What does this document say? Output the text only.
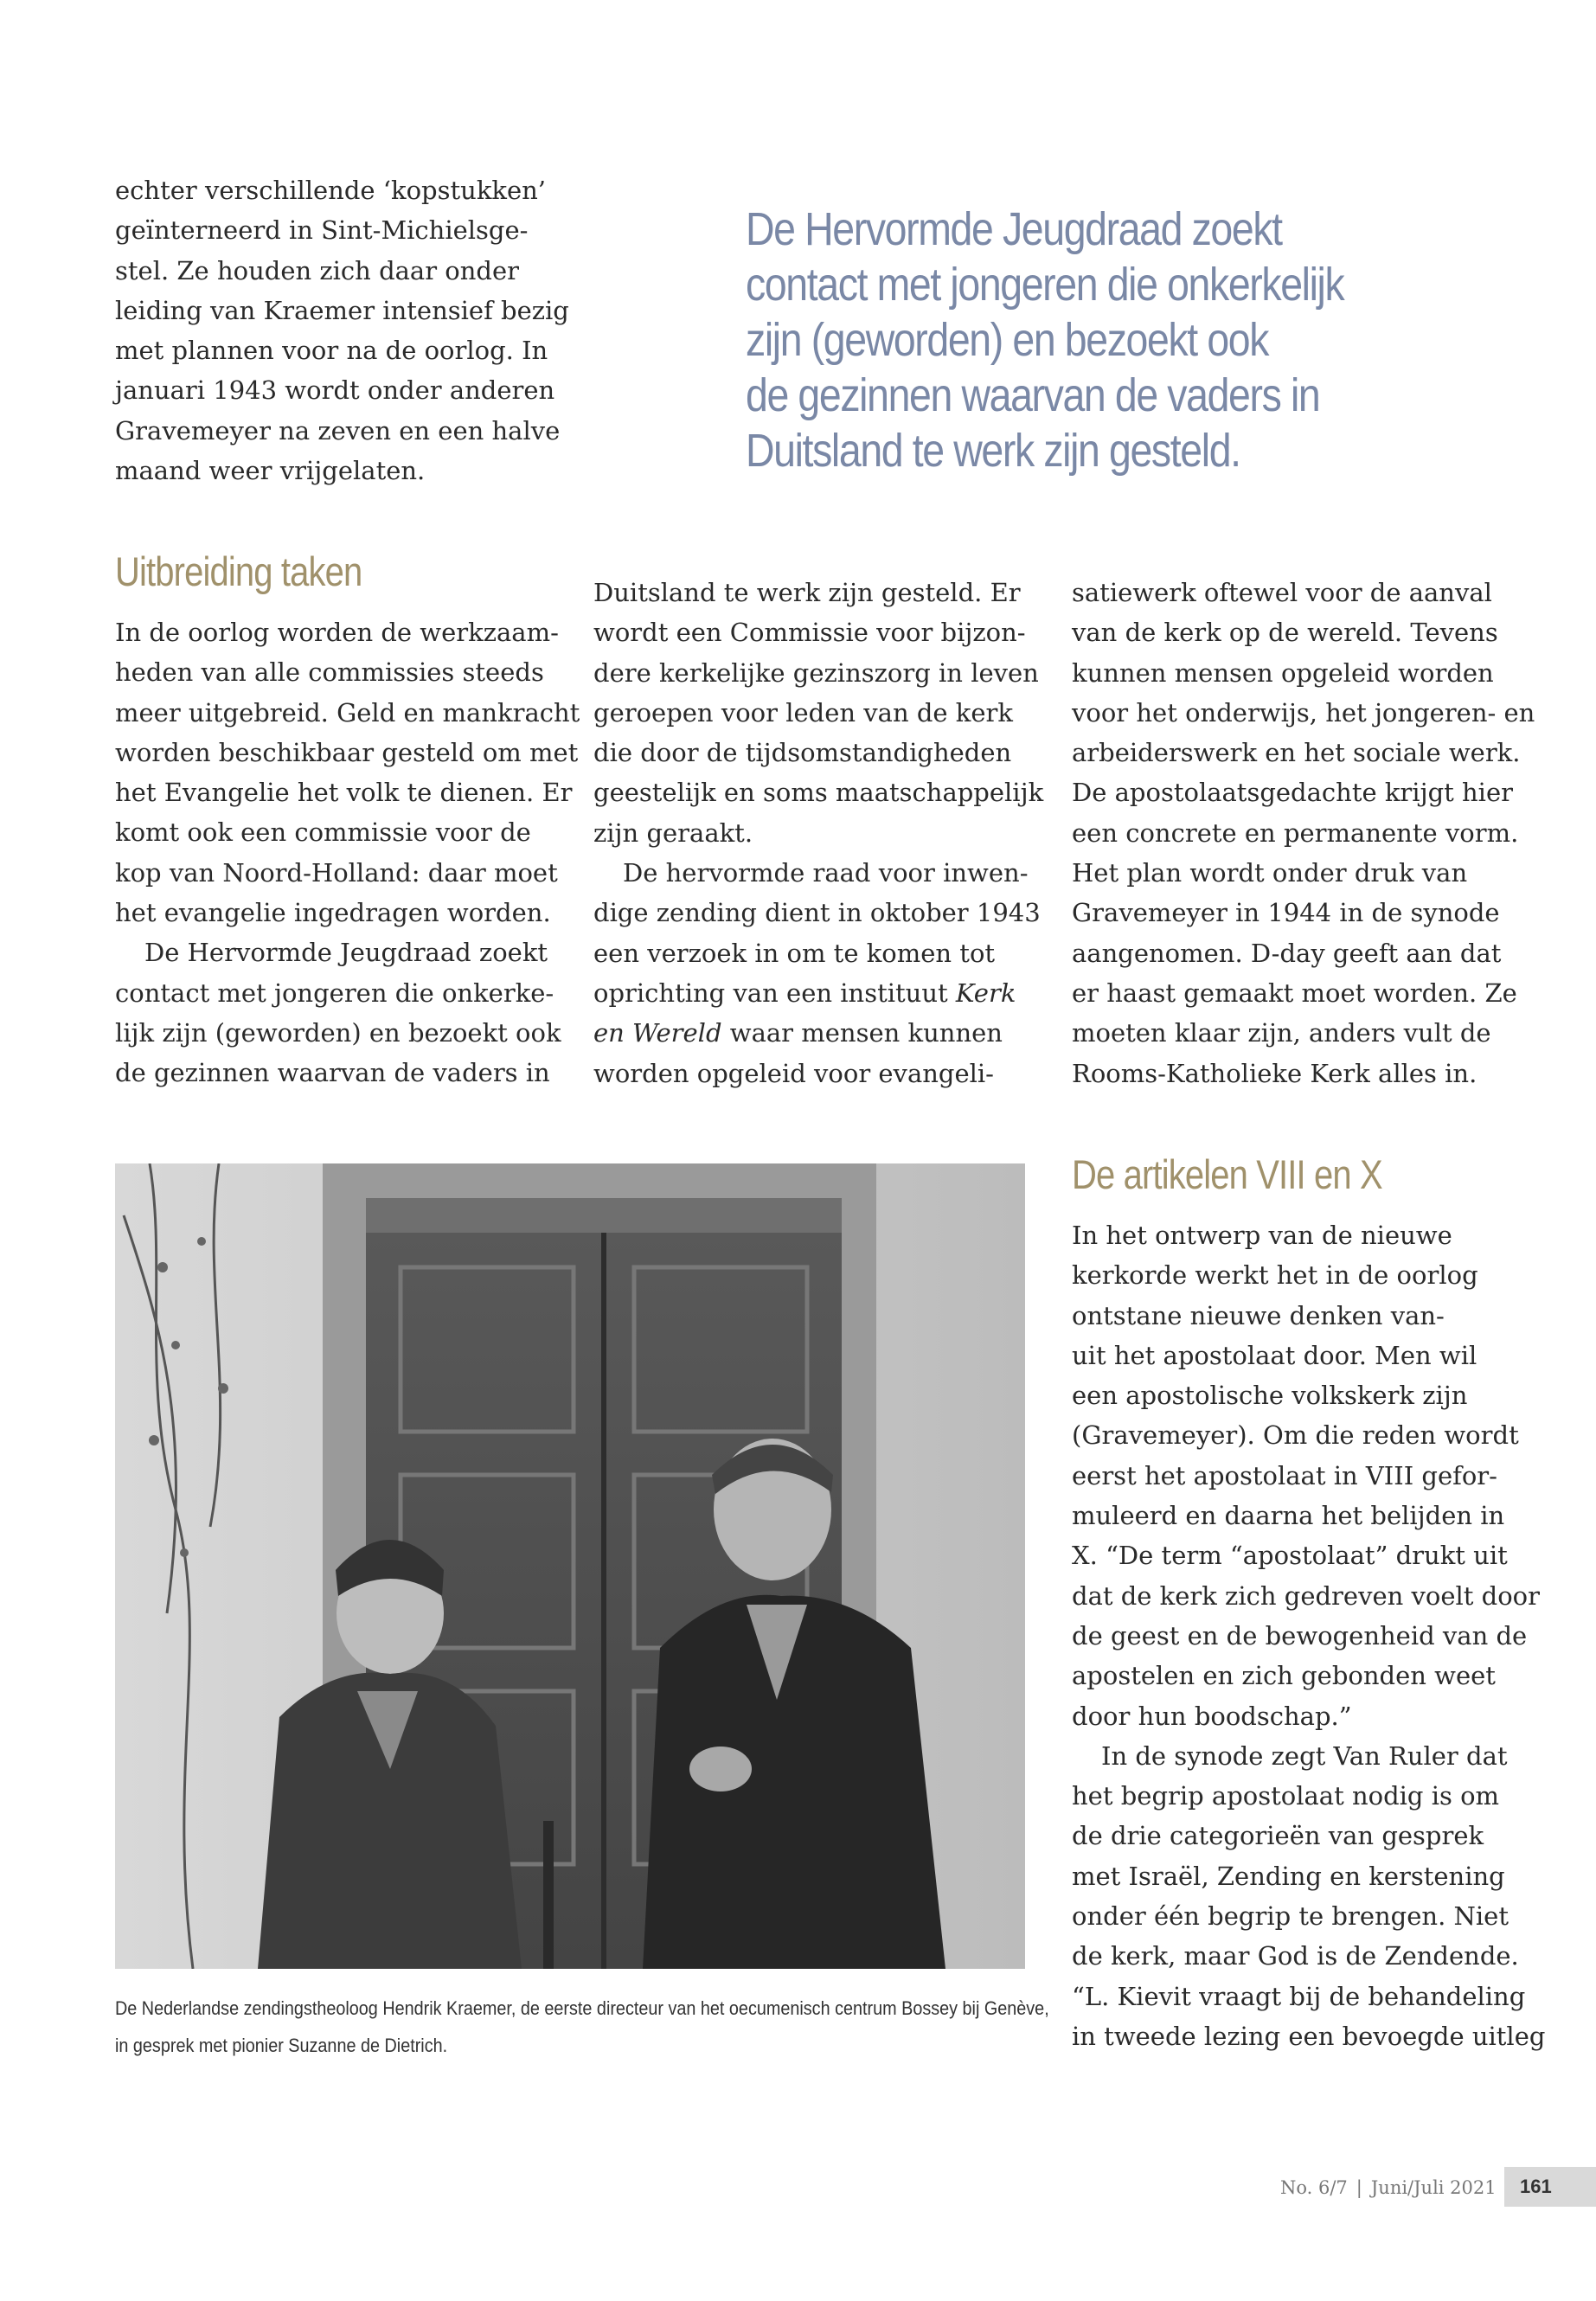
echter verschillende ‘kopstukken’
geïnterneerd in Sint-Michielsge-
stel. Ze houden zich daar onder
leiding van Kraemer intensief bezig
met plannen voor na de oorlog. In
januari 1943 wordt onder anderen
Gravemeyer na zeven en een halve
maand weer vrijgelaten.
De Hervormde Jeugdraad zoekt
contact met jongeren die onkerkelijk
zijn (geworden) en bezoekt ook
de gezinnen waarvan de vaders in
Duitsland te werk zijn gesteld.
Uitbreiding taken
In de oorlog worden de werkzaam-
heden van alle commissies steeds
meer uitgebreid. Geld en mankracht
worden beschikbaar gesteld om met
het Evangelie het volk te dienen. Er
komt ook een commissie voor de
kop van Noord-Holland: daar moet
het evangelie ingedragen worden.
De Hervormde Jeugdraad zoekt
contact met jongeren die onkerke-
lijk zijn (geworden) en bezoekt ook
de gezinnen waarvan de vaders in
Duitsland te werk zijn gesteld. Er
wordt een Commissie voor bijzon-
dere kerkelijke gezinszorg in leven
geroepen voor leden van de kerk
die door de tijdsomstandigheden
geestelijk en soms maatschappelijk
zijn geraakt.
De hervormde raad voor inwen-
dige zending dient in oktober 1943
een verzoek in om te komen tot
oprichting van een instituut Kerk
en Wereld waar mensen kunnen
worden opgeleid voor evangeli-
satiewerk oftewel voor de aanval
van de kerk op de wereld. Tevens
kunnen mensen opgeleid worden
voor het onderwijs, het jongeren- en
arbeiderswerk en het sociale werk.
De apostolaatsgedachte krijgt hier
een concrete en permanente vorm.
Het plan wordt onder druk van
Gravemeyer in 1944 in de synode
aangenomen. D-day geeft aan dat
er haast gemaakt moet worden. Ze
moeten klaar zijn, anders vult de
Rooms-Katholieke Kerk alles in.
De artikelen VIII en X
In het ontwerp van de nieuwe
kerkorde werkt het in de oorlog
ontstane nieuwe denken van-
uit het apostolaat door. Men wil
een apostolische volkskerk zijn
(Gravemeyer). Om die reden wordt
eerst het apostolaat in VIII gefor-
muleerd en daarna het belijden in
X. “De term “apostolaat” drukt uit
dat de kerk zich gedreven voelt door
de geest en de bewogenheid van de
apostelen en zich gebonden weet
door hun boodschap.”
In de synode zegt Van Ruler dat
het begrip apostolaat nodig is om
de drie categorieën van gesprek
met Israël, Zending en kerstening
onder één begrip te brengen. Niet
de kerk, maar God is de Zendende.
“L. Kievit vraagt bij de behandeling
in tweede lezing een bevoegde uitleg
De Nederlandse zendingstheoloog Hendrik Kraemer, de eerste directeur van het oecumenisch centrum Bossey bij Genève,
in gesprek met pionier Suzanne de Dietrich.
No. 6/7 | Juni/Juli 2021	161
